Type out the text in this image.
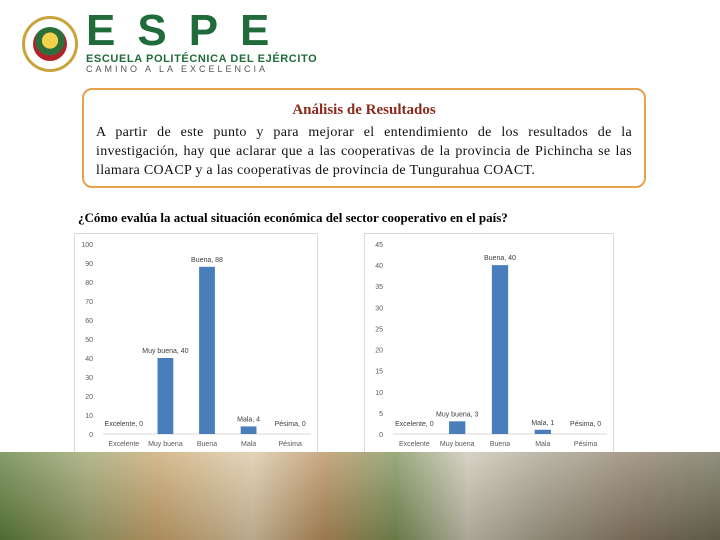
ESPE
ESCUELA POLITÉCNICA DEL EJÉRCITO
CAMINO A LA EXCELENCIA
Análisis de Resultados
A partir de este punto y para mejorar el entendimiento de los resultados de la investigación, hay que aclarar que a las cooperativas de la provincia de Pichincha se las llamara COACP y a las cooperativas de provincia de Tungurahua COACT.
¿Cómo evalúa la actual situación económica del sector cooperativo en el país?
0
10
20
30
40
50
60
70
80
90
100
Excelente
Excelente, 0
Muy buena
Muy buena, 40
Buena
Buena, 88
Mala
Mala, 4
Pésima
Pésima, 0
0
5
10
15
20
25
30
35
40
45
Excelente
Excelente, 0
Muy buena
Muy buena, 3
Buena
Buena, 40
Mala
Mala, 1
Pésima
Pésima, 0
